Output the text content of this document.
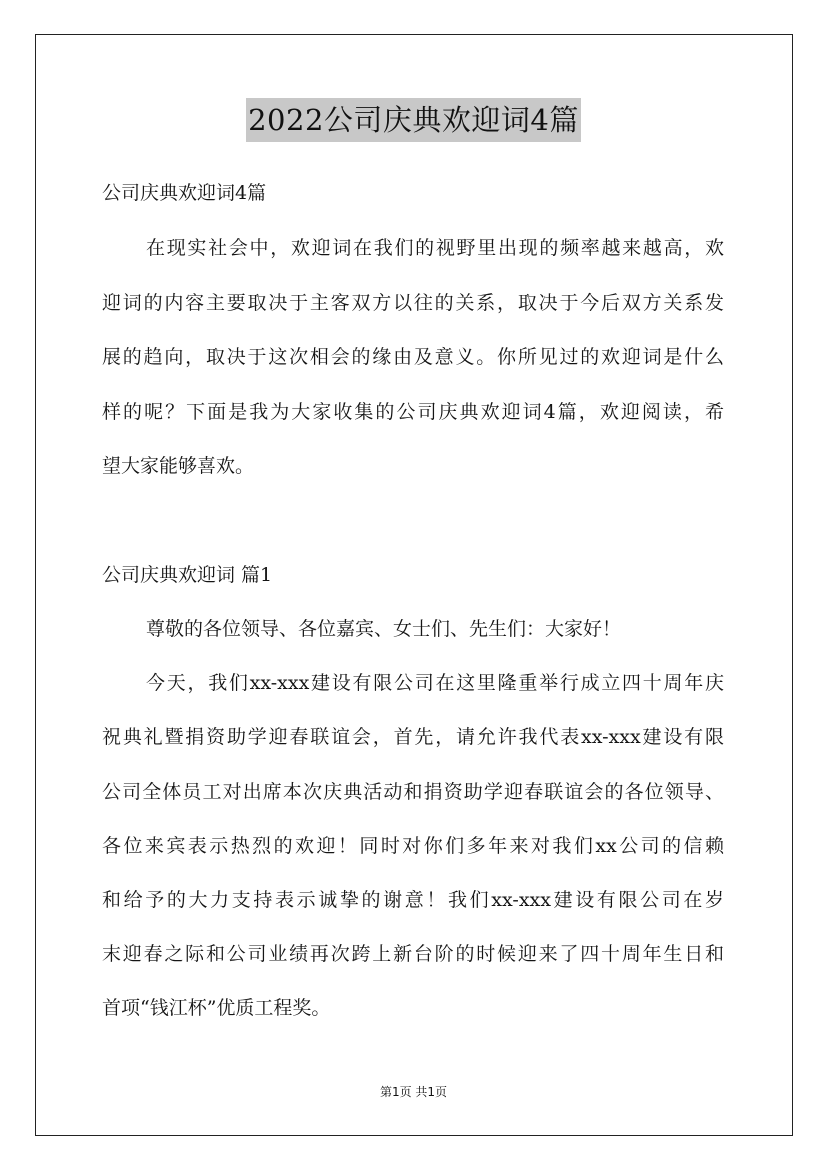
2022公司庆典欢迎词4篇
公司庆典欢迎词4篇
在现实社会中，欢迎词在我们的视野里出现的频率越来越高，欢
迎词的内容主要取决于主客双方以往的关系，取决于今后双方关系发
展的趋向，取决于这次相会的缘由及意义。你所见过的欢迎词是什么
样的呢？下面是我为大家收集的公司庆典欢迎词4篇，欢迎阅读，希
望大家能够喜欢。
公司庆典欢迎词 篇1
尊敬的各位领导、各位嘉宾、女士们、先生们：大家好！
今天，我们xx-xxx建设有限公司在这里隆重举行成立四十周年庆
祝典礼暨捐资助学迎春联谊会，首先，请允许我代表xx-xxx建设有限
公司全体员工对出席本次庆典活动和捐资助学迎春联谊会的各位领导、
各位来宾表示热烈的欢迎！同时对你们多年来对我们xx公司的信赖
和给予的大力支持表示诚挚的谢意！我们xx-xxx建设有限公司在岁
末迎春之际和公司业绩再次跨上新台阶的时候迎来了四十周年生日和
首项“钱江杯”优质工程奖。
第1页 共1页
